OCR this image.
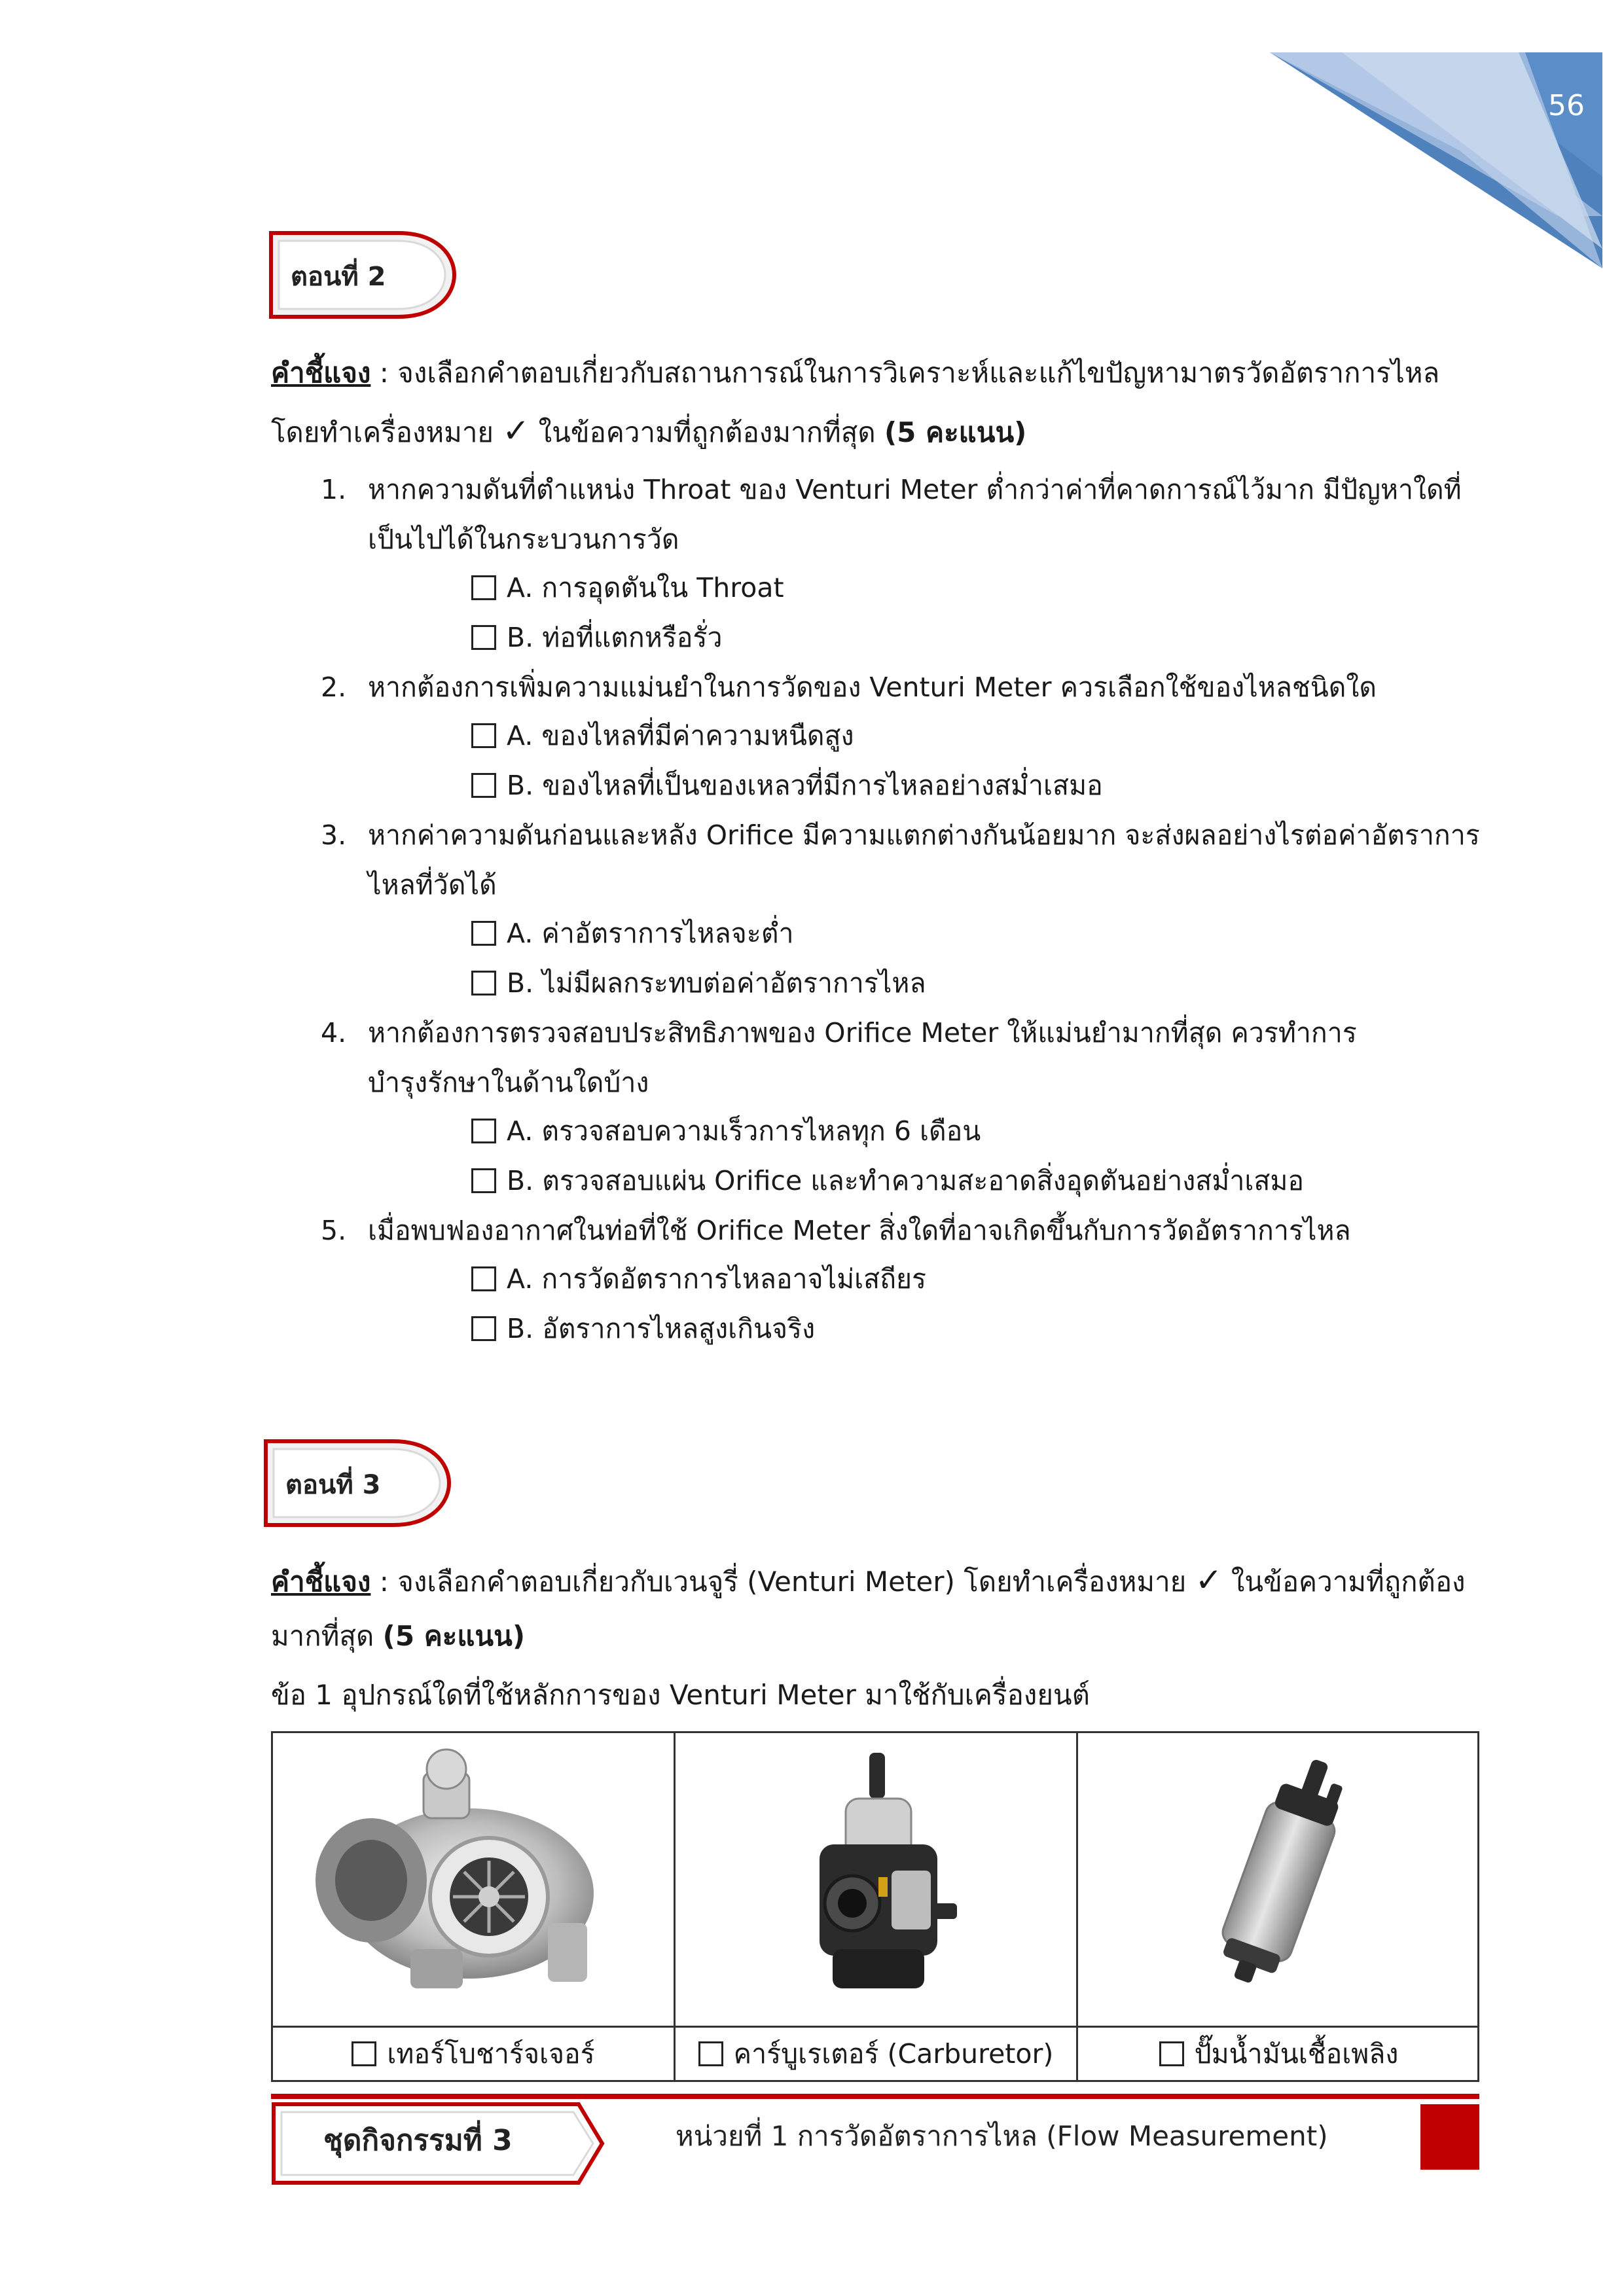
56
ตอนที่ 2
คำชี้แจง : จงเลือกคำตอบเกี่ยวกับสถานการณ์ในการวิเคราะห์และแก้ไขปัญหามาตรวัดอัตราการไหล
โดยทำเครื่องหมาย ✓ ในข้อความที่ถูกต้องมากที่สุด (5 คะแนน)
1. หากความดันที่ตำแหน่ง Throat ของ Venturi Meter ต่ำกว่าค่าที่คาดการณ์ไว้มาก มีปัญหาใดที่
เป็นไปได้ในกระบวนการวัด
A. การอุดตันใน Throat
B. ท่อที่แตกหรือรั่ว
2. หากต้องการเพิ่มความแม่นยำในการวัดของ Venturi Meter ควรเลือกใช้ของไหลชนิดใด
A. ของไหลที่มีค่าความหนืดสูง
B. ของไหลที่เป็นของเหลวที่มีการไหลอย่างสม่ำเสมอ
3. หากค่าความดันก่อนและหลัง Orifice มีความแตกต่างกันน้อยมาก จะส่งผลอย่างไรต่อค่าอัตราการ
ไหลที่วัดได้
A. ค่าอัตราการไหลจะต่ำ
B. ไม่มีผลกระทบต่อค่าอัตราการไหล
4. หากต้องการตรวจสอบประสิทธิภาพของ Orifice Meter ให้แม่นยำมากที่สุด ควรทำการ
บำรุงรักษาในด้านใดบ้าง
A. ตรวจสอบความเร็วการไหลทุก 6 เดือน
B. ตรวจสอบแผ่น Orifice และทำความสะอาดสิ่งอุดตันอย่างสม่ำเสมอ
5. เมื่อพบฟองอากาศในท่อที่ใช้ Orifice Meter สิ่งใดที่อาจเกิดขึ้นกับการวัดอัตราการไหล
A. การวัดอัตราการไหลอาจไม่เสถียร
B. อัตราการไหลสูงเกินจริง
ตอนที่ 3
คำชี้แจง : จงเลือกคำตอบเกี่ยวกับเวนจูรี่ (Venturi Meter) โดยทำเครื่องหมาย ✓ ในข้อความที่ถูกต้อง
มากที่สุด (5 คะแนน)
ข้อ 1 อุปกรณ์ใดที่ใช้หลักการของ Venturi Meter มาใช้กับเครื่องยนต์
เทอร์โบชาร์จเจอร์	คาร์บูเรเตอร์ (Carburetor)	ปั๊มน้ำมันเชื้อเพลิง
ชุดกิจกรรมที่ 3	หน่วยที่ 1 การวัดอัตราการไหล (Flow Measurement)
